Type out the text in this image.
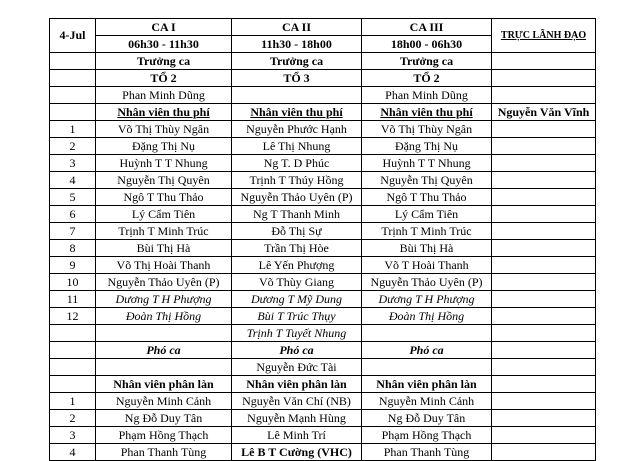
4-Jul	CA I	CA II	CA III	TRỰC LÃNH ĐẠO
	06h30 - 11h30	11h30 - 18h00	18h00 - 06h30	
	Trưởng ca	Trưởng ca	Trưởng ca	
	TỔ 2	TỔ 3	TỔ 2	
	Phan Minh Dũng		Phan Minh Dũng	
	Nhân viên thu phí	Nhân viên thu phí	Nhân viên thu phí	Nguyễn Văn Vĩnh
1	Võ Thị Thùy Ngân	Nguyễn Phước Hạnh	Võ Thị Thùy Ngân	
2	Đặng Thị Nụ	Lê Thị Nhung	Đặng Thị Nụ	
3	Huỳnh T T Nhung	Ng T. D Phúc	Huỳnh T T Nhung	
4	Nguyễn Thị Quyên	Trịnh T Thúy Hồng	Nguyễn Thị Quyên	
5	Ngô T Thu Thảo	Nguyễn Thảo Uyên (P)	Ngô T Thu Thảo	
6	Lý Cẩm Tiên	Ng T Thanh Minh	Lý Cẩm Tiên	
7	Trịnh T Minh Trúc	Đỗ Thị Sự	Trịnh T Minh Trúc	
8	Bùi Thị Hà	Trần Thị Hòe	Bùi Thị Hà	
9	Võ Thị Hoài Thanh	Lê Yến Phượng	Võ T Hoài Thanh	
10	Nguyễn Thảo Uyên (P)	Võ Thùy Giang	Nguyễn Thảo Uyên (P)	
11	Dương T H Phượng	Dương T Mỹ Dung	Dương T H Phượng	
12	Đoàn Thị Hồng	Bùi T Trúc Thụy	Đoàn Thị Hồng	
		Trịnh T Tuyết Nhung		
	Phó ca	Phó ca	Phó ca	
		Nguyễn Đức Tài		
	Nhân viên phân làn	Nhân viên phân làn	Nhân viên phân làn	
1	Nguyễn Minh Cảnh	Nguyễn Văn Chí (NB)	Nguyễn Minh Cảnh	
2	Ng Đỗ Duy Tân	Nguyễn Mạnh Hùng	Ng Đỗ Duy Tân	
3	Phạm Hồng Thạch	Lê Minh Trí	Phạm Hồng Thạch	
4	Phan Thanh Tùng	Lê B T Cường (VHC)	Phan Thanh Tùng	
